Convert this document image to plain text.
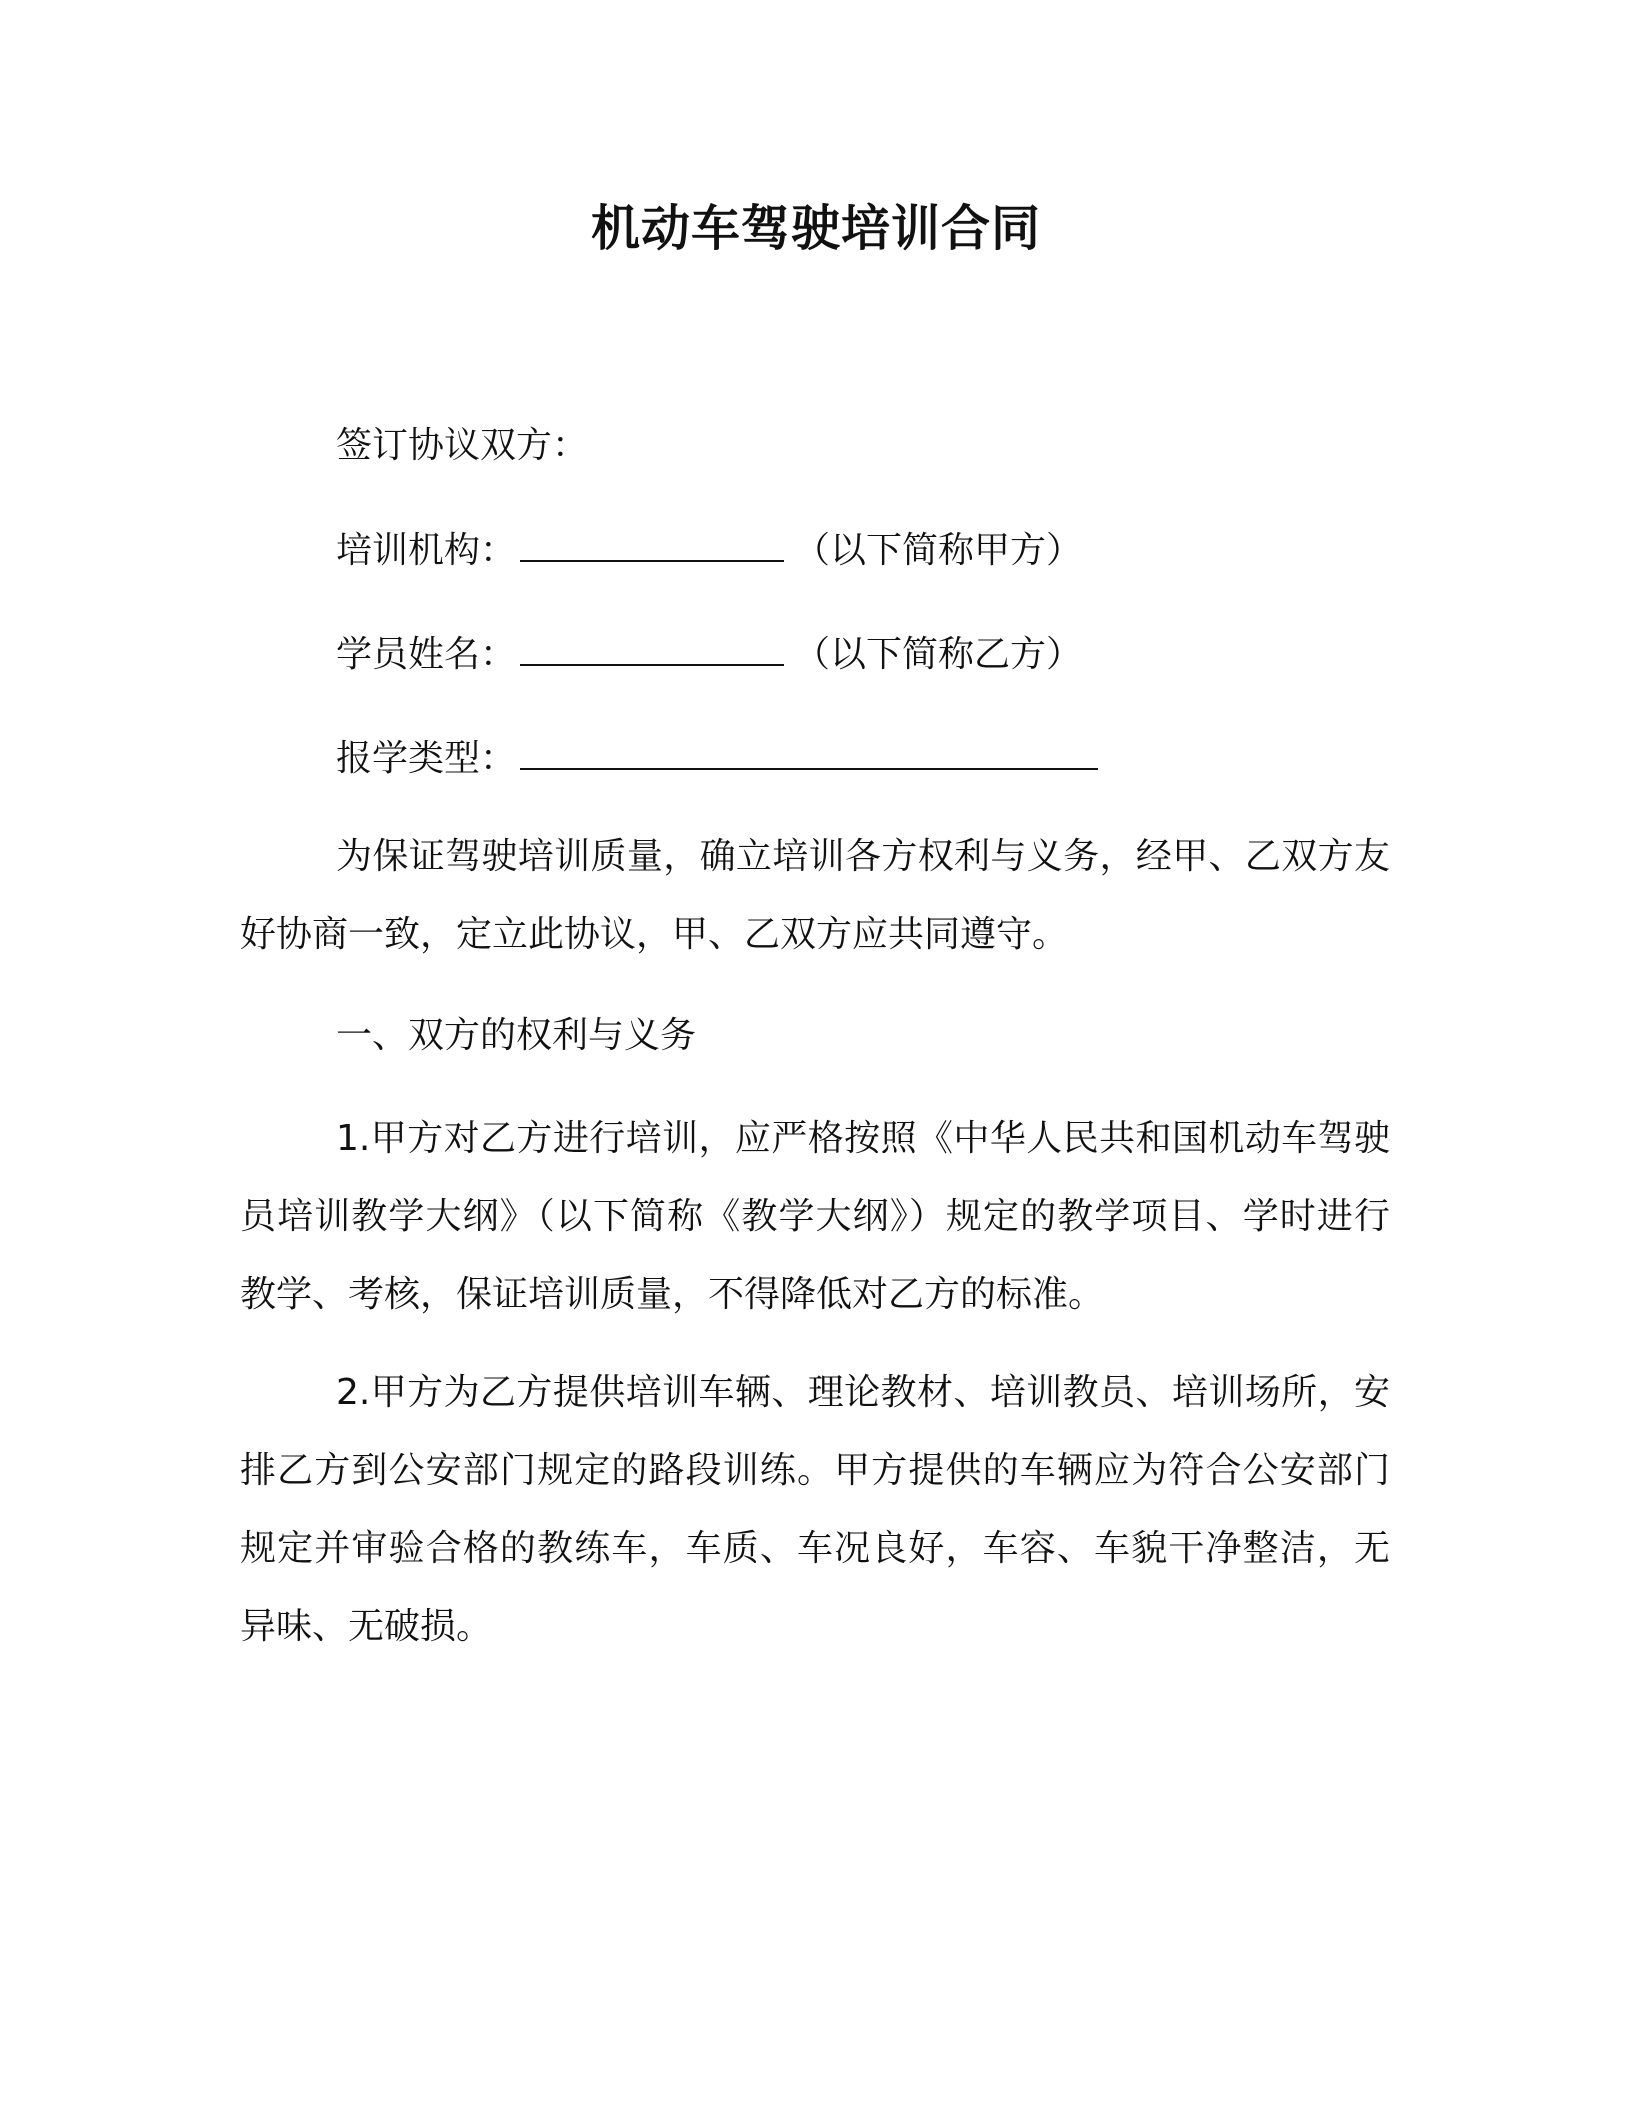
机动车驾驶培训合同

签订协议双方：

培训机构：	（以下简称甲方）

学员姓名：	（以下简称乙方）

报学类型：

为保证驾驶培训质量，确立培训各方权利与义务，经甲、乙双方友好协商一致，定立此协议，甲、乙双方应共同遵守。

一、双方的权利与义务

1.甲方对乙方进行培训，应严格按照《中华人民共和国机动车驾驶员培训教学大纲》（以下简称《教学大纲》）规定的教学项目、学时进行教学、考核，保证培训质量，不得降低对乙方的标准。

2.甲方为乙方提供培训车辆、理论教材、培训教员、培训场所，安排乙方到公安部门规定的路段训练。甲方提供的车辆应为符合公安部门规定并审验合格的教练车，车质、车况良好，车容、车貌干净整洁，无异味、无破损。
